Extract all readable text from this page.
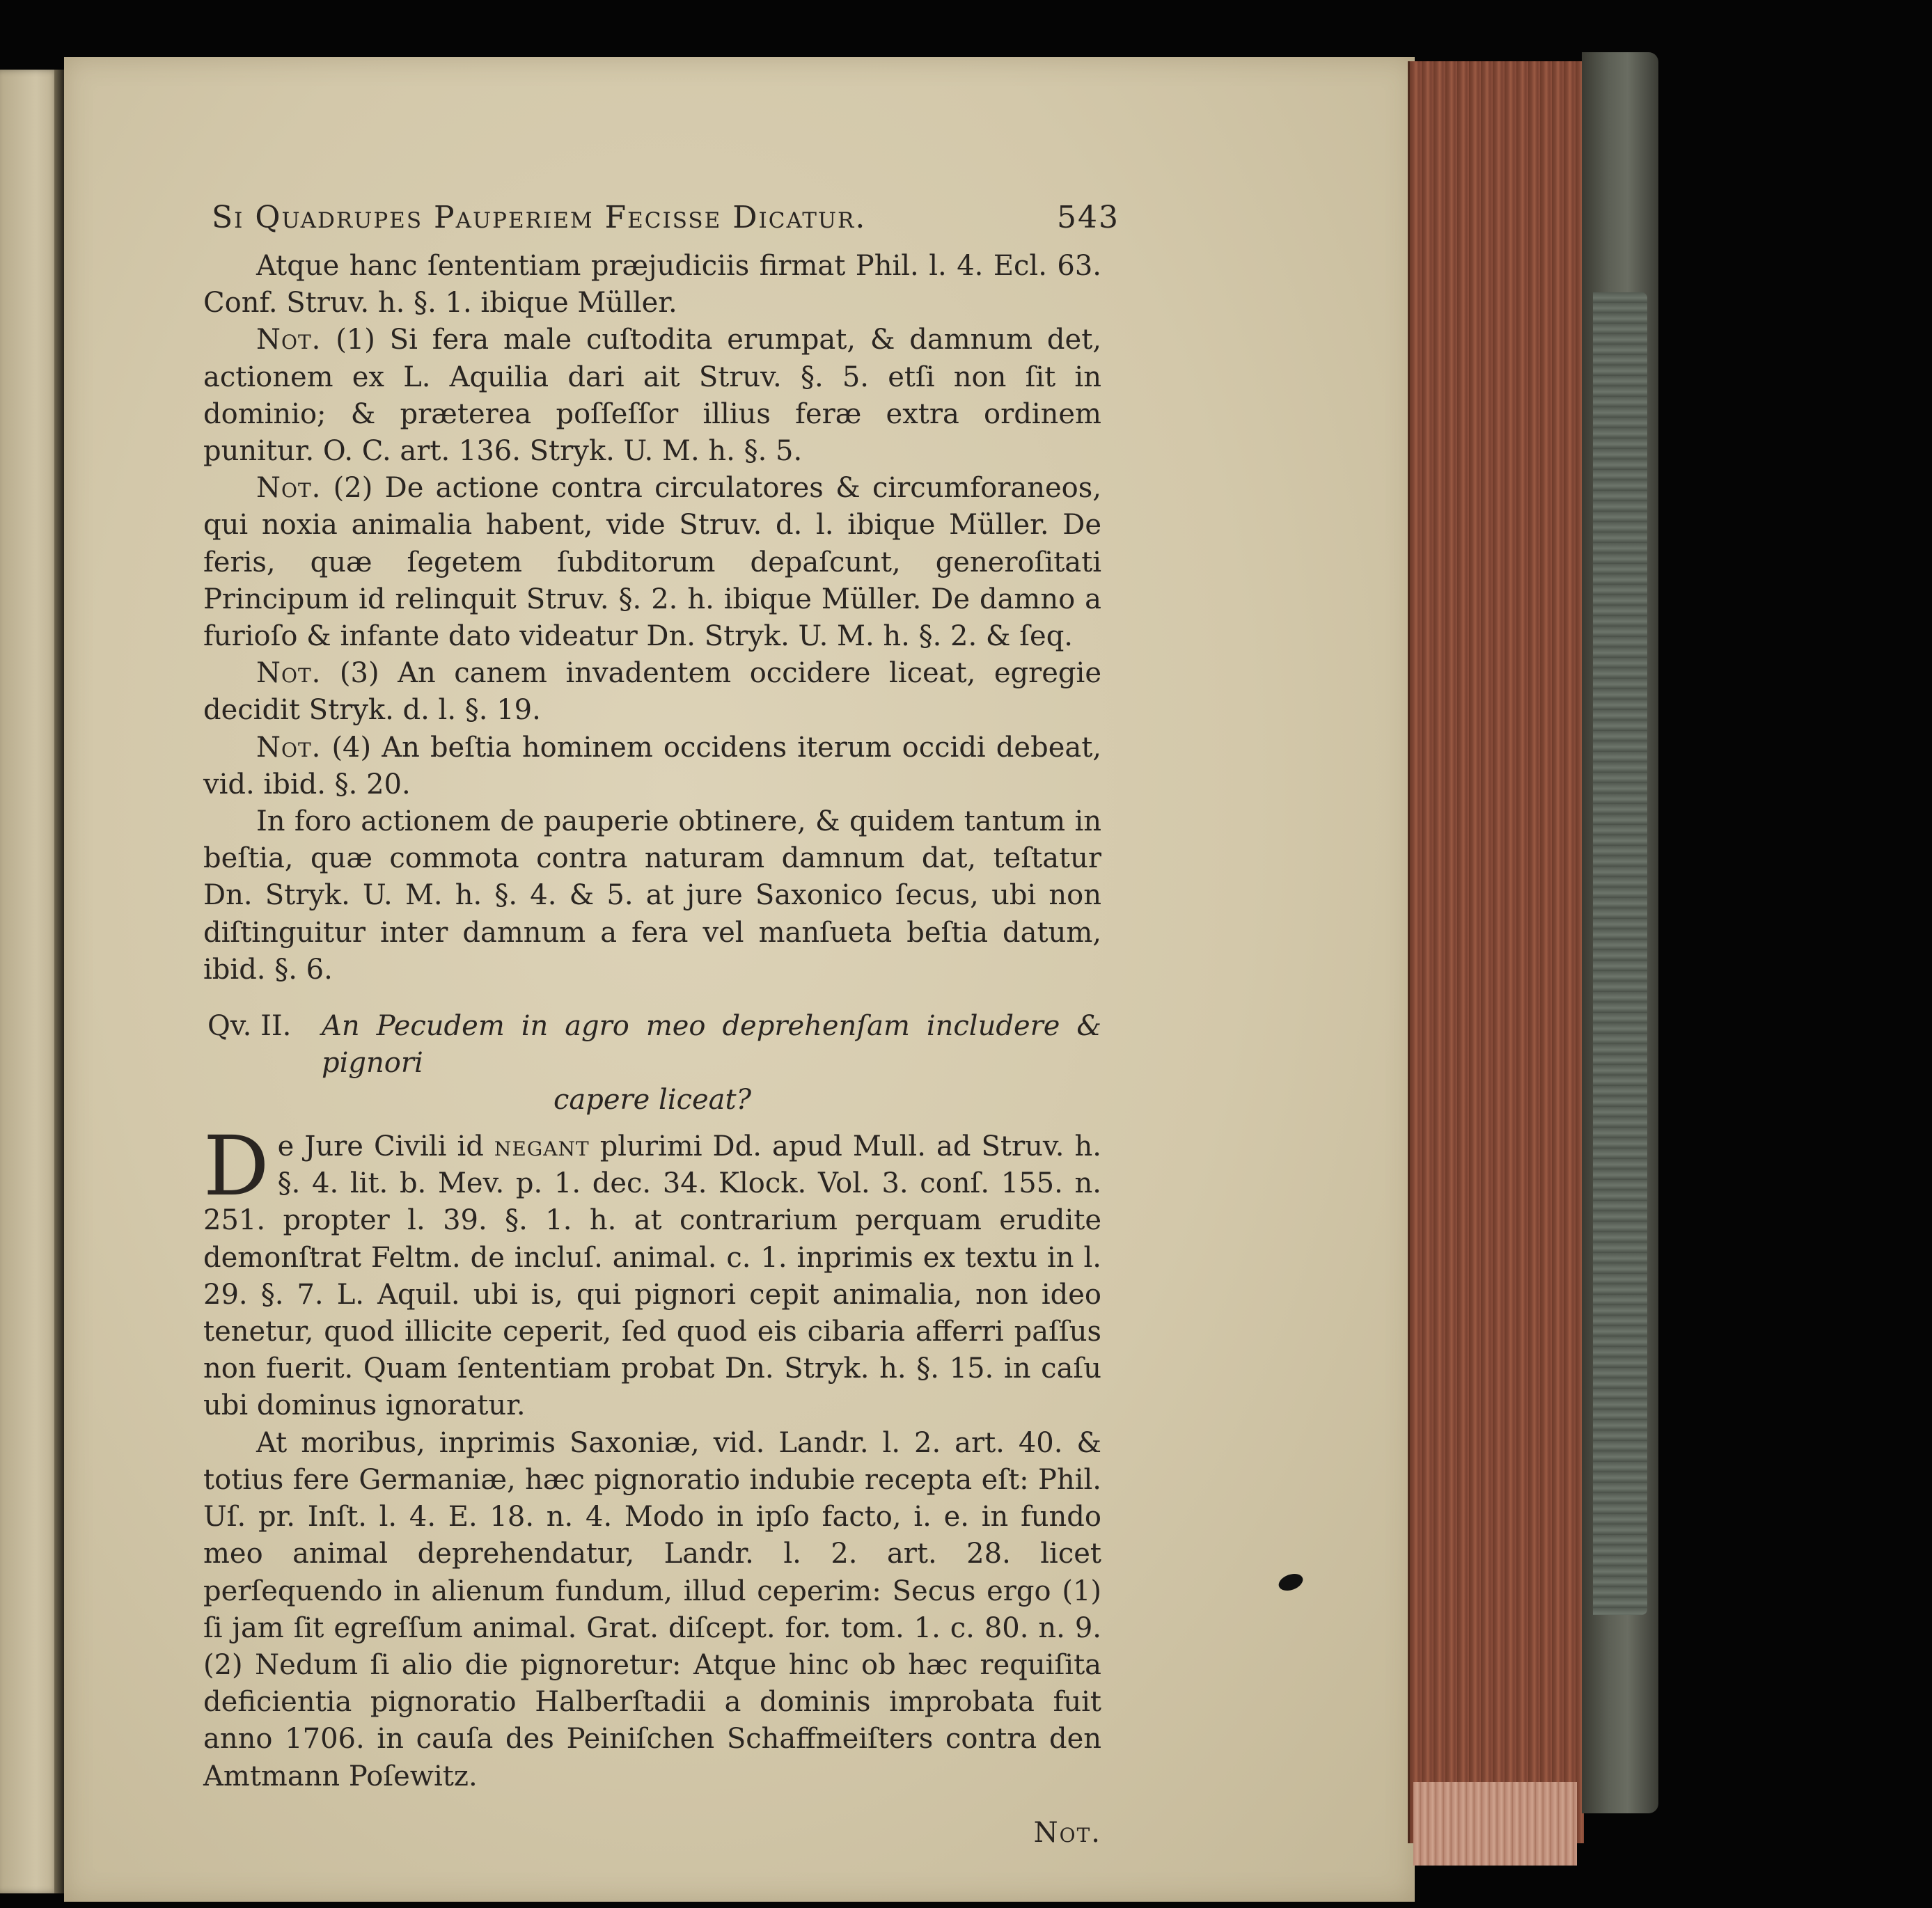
Si Quadrupes Pauperiem Fecisse Dicatur.	543

Atque hanc ſententiam præjudiciis firmat Phil. l. 4. Ecl. 63. Conf. Struv. h. §. 1. ibique Müller.

Not. (1) Si fera male cuſtodita erumpat, & damnum det, actionem ex L. Aquilia dari ait Struv. §. 5. etſi non ſit in dominio; & præterea poſſeſſor illius feræ extra ordinem punitur. O. C. art. 136. Stryk. U. M. h. §. 5.

Not. (2) De actione contra circulatores & circumforaneos, qui noxia animalia habent, vide Struv. d. l. ibique Müller. De feris, quæ ſegetem ſubditorum depaſcunt, generoſitati Principum id relinquit Struv. §. 2. h. ibique Müller. De damno a furioſo & infante dato videatur Dn. Stryk. U. M. h. §. 2. & ſeq.

Not. (3) An canem invadentem occidere liceat, egregie decidit Stryk. d. l. §. 19.

Not. (4) An beſtia hominem occidens iterum occidi debeat, vid. ibid. §. 20.

In foro actionem de pauperie obtinere, & quidem tantum in beſtia, quæ commota contra naturam damnum dat, teſtatur Dn. Stryk. U. M. h. §. 4. & 5. at jure Saxonico ſecus, ubi non diſtinguitur inter damnum a fera vel manſueta beſtia datum, ibid. §. 6.

Qv. II.	An Pecudem in agro meo deprehenſam includere & pignori
capere liceat?

De Jure Civili id negant plurimi Dd. apud Mull. ad Struv. h. §. 4. lit. b. Mev. p. 1. dec. 34. Klock. Vol. 3. conſ. 155. n. 251. propter l. 39. §. 1. h. at contrarium perquam erudite demonſtrat Feltm. de incluſ. animal. c. 1. inprimis ex textu in l. 29. §. 7. L. Aquil. ubi is, qui pignori cepit animalia, non ideo tenetur, quod illicite ceperit, ſed quod eis cibaria afferri paſſus non fuerit. Quam ſententiam probat Dn. Stryk. h. §. 15. in caſu ubi dominus ignoratur.

At moribus, inprimis Saxoniæ, vid. Landr. l. 2. art. 40. & totius fere Germaniæ, hæc pignoratio indubie recepta eſt: Phil. Uſ. pr. Inſt. l. 4. E. 18. n. 4. Modo in ipſo facto, i. e. in fundo meo animal deprehendatur, Landr. l. 2. art. 28. licet perſequendo in alienum fundum, illud ceperim: Secus ergo (1) ſi jam ſit egreſſum animal. Grat. diſcept. for. tom. 1. c. 80. n. 9. (2) Nedum ſi alio die pignoretur: Atque hinc ob hæc requiſita deficientia pignoratio Halberſtadii a dominis improbata fuit anno 1706. in cauſa des Peiniſchen Schaffmeiſters contra den Amtmann Poſewitz.

Not.
